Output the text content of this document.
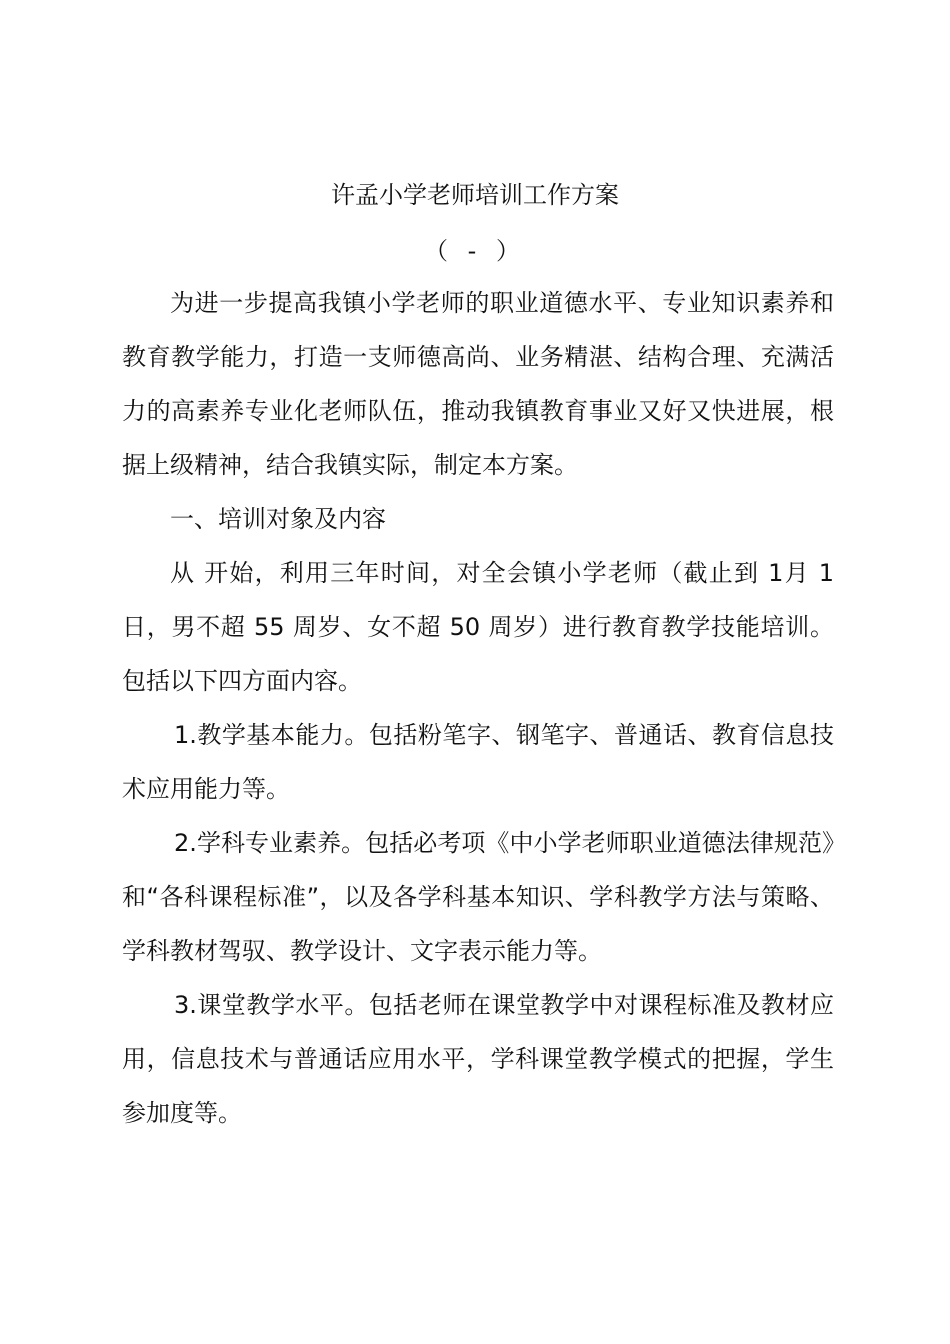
许孟小学老师培训工作方案
（ - ）

为进一步提高我镇小学老师的职业道德水平、专业知识素养和教育教学能力，打造一支师德高尚、业务精湛、结构合理、充满活力的高素养专业化老师队伍，推动我镇教育事业又好又快进展，根据上级精神，结合我镇实际，制定本方案。

一、培训对象及内容

从 开始，利用三年时间，对全会镇小学老师（截止到 1月 1日，男不超 55 周岁、女不超 50 周岁）进行教育教学技能培训。包括以下四方面内容。

1.教学基本能力。包括粉笔字、钢笔字、普通话、教育信息技术应用能力等。

2.学科专业素养。包括必考项《中小学老师职业道德法律规范》和“各科课程标准”，以及各学科基本知识、学科教学方法与策略、学科教材驾驭、教学设计、文字表示能力等。

3.课堂教学水平。包括老师在课堂教学中对课程标准及教材应用，信息技术与普通话应用水平，学科课堂教学模式的把握，学生参加度等。
